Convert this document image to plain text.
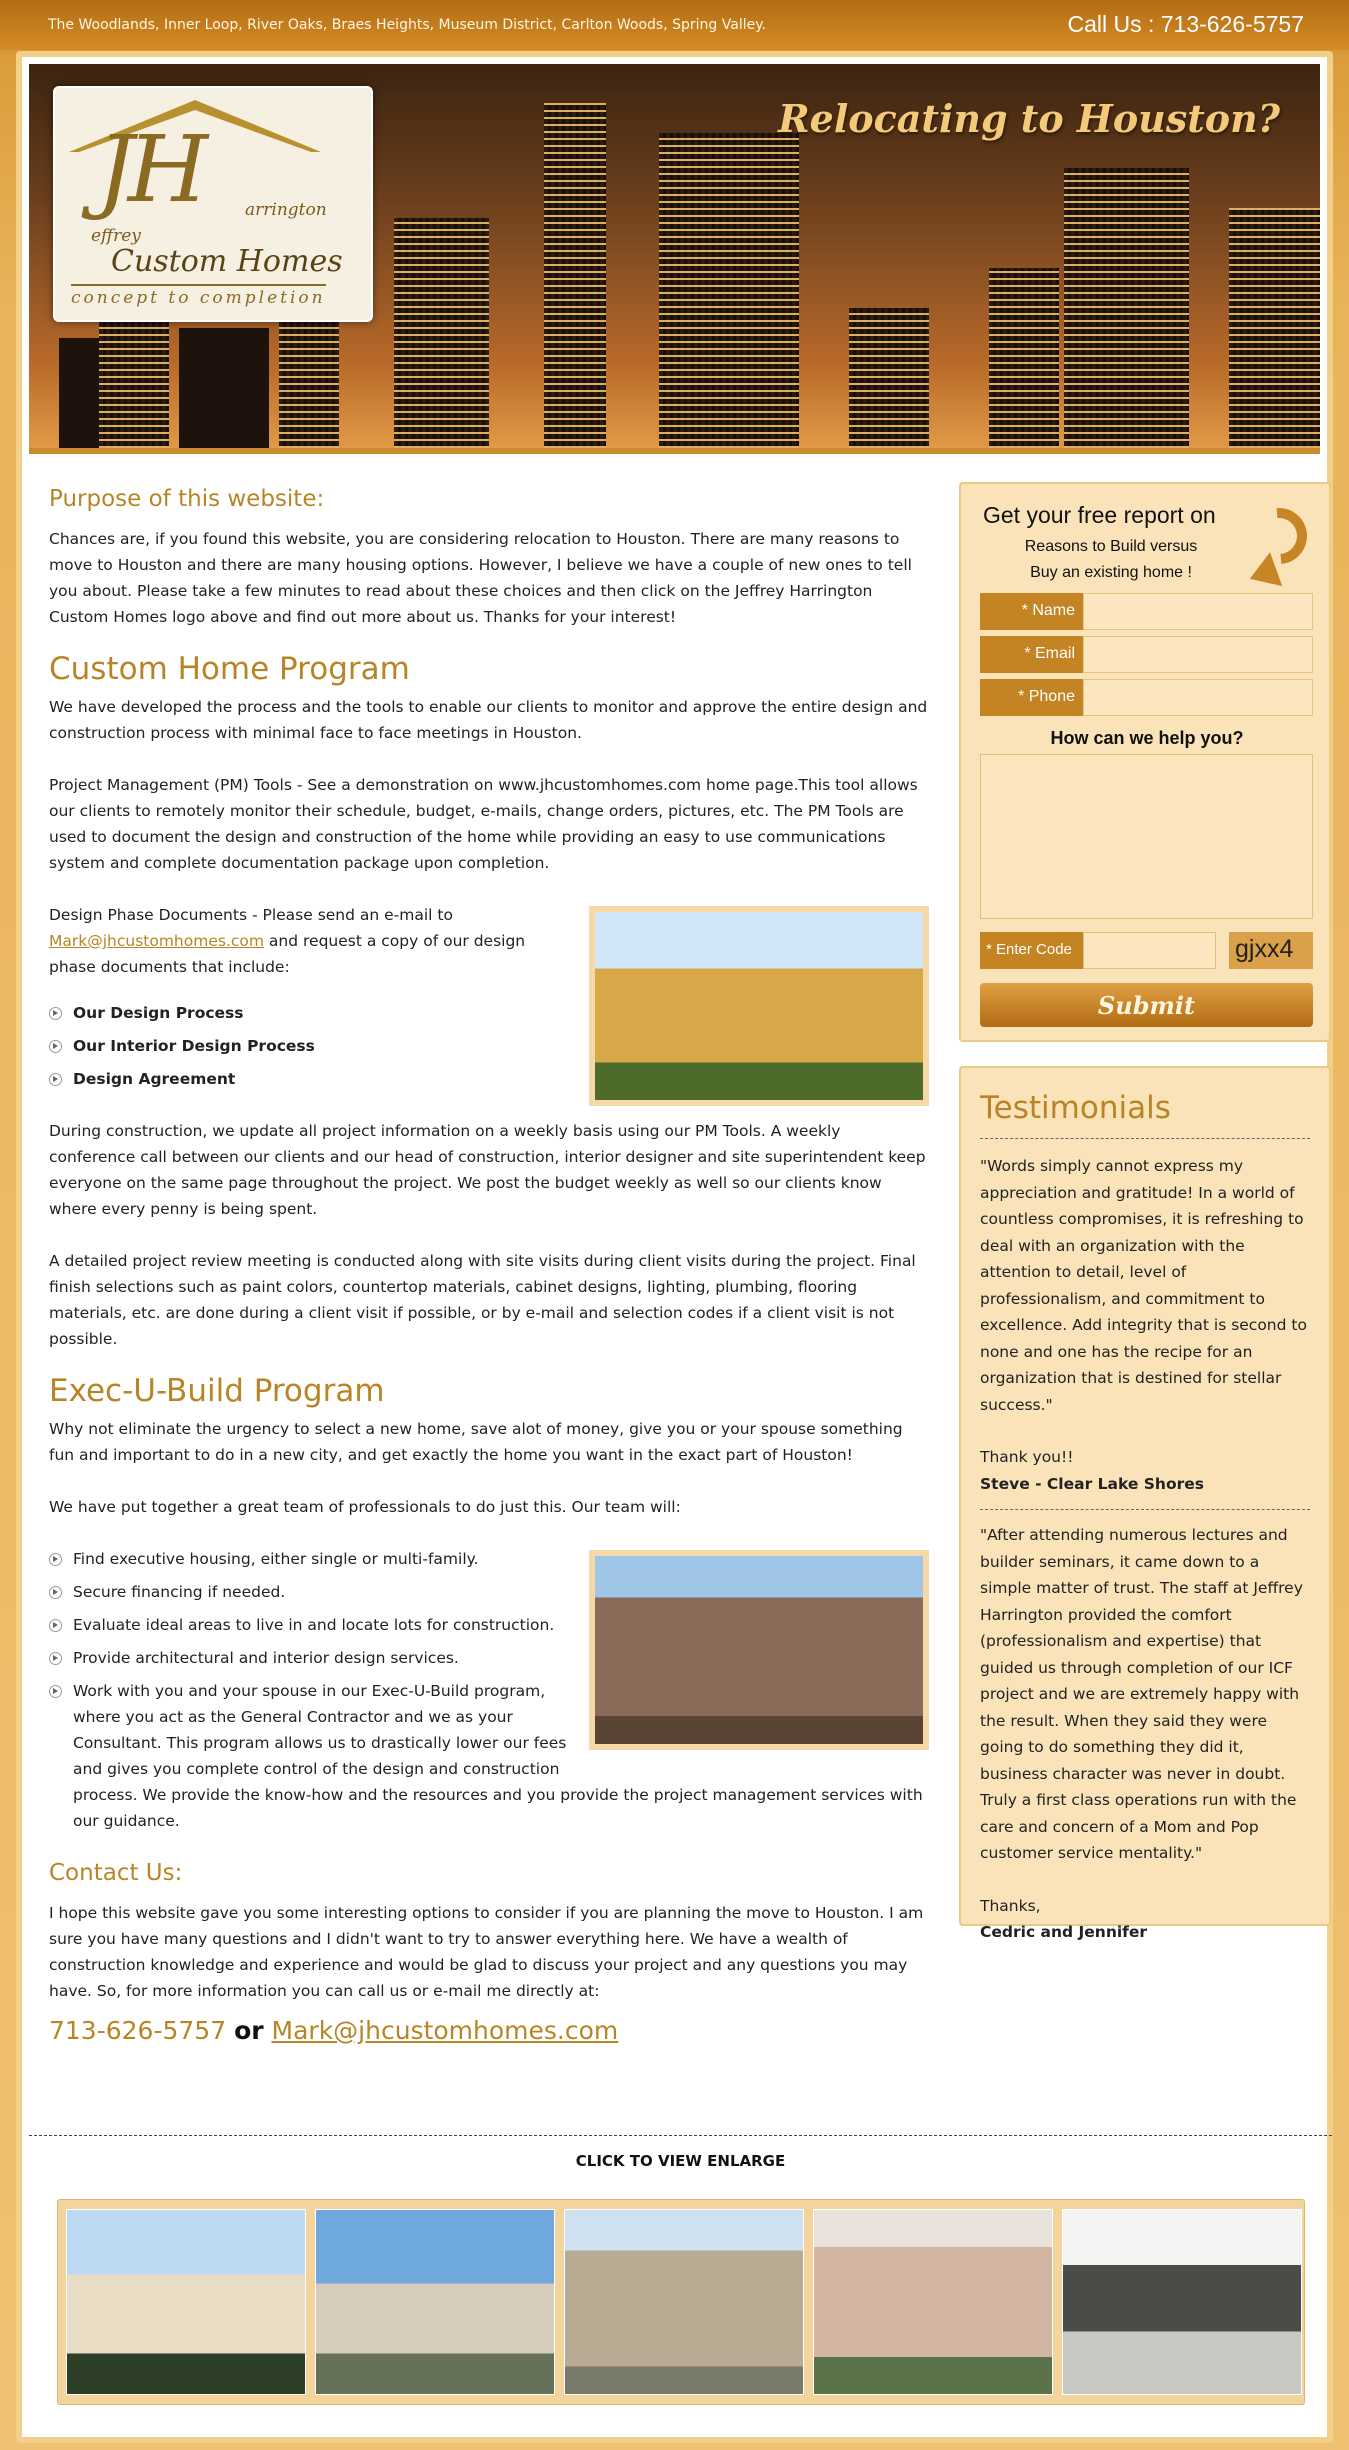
The Woodlands, Inner Loop, River Oaks, Braes Heights, Museum District, Carlton Woods, Spring Valley.	Call Us : 713-626-5757
Relocating to Houston?
JH	arrington
effrey
Custom Homes
concept to completion
Get your free report on
Reasons to Build versus
Buy an existing home !
* Name
* Email
* Phone
How can we help you?
* Enter Code	gjxx4
Submit
Testimonials

"Words simply cannot express my appreciation and gratitude! In a world of countless compromises, it is refreshing to deal with an organization with the attention to detail, level of professionalism, and commitment to excellence. Add integrity that is second to none and one has the recipe for an organization that is destined for stellar success."

Thank you!!

Steve - Clear Lake Shores

"After attending numerous lectures and builder seminars, it came down to a simple matter of trust. The staff at Jeffrey Harrington provided the comfort (professionalism and expertise) that guided us through completion of our ICF project and we are extremely happy with the result. When they said they were going to do something they did it, business character was never in doubt. Truly a first class operations run with the care and concern of a Mom and Pop customer service mentality."

Thanks,

Cedric and Jennifer
CLICK TO VIEW ENLARGE
Purpose of this website:

Chances are, if you found this website, you are considering relocation to Houston. There are many reasons to move to Houston and there are many housing options. However, I believe we have a couple of new ones to tell you about. Please take a few minutes to read about these choices and then click on the Jeffrey Harrington Custom Homes logo above and find out more about us. Thanks for your interest!

Custom Home Program

We have developed the process and the tools to enable our clients to monitor and approve the entire design and construction process with minimal face to face meetings in Houston.

Project Management (PM) Tools - See a demonstration on www.jhcustomhomes.com home page.This tool allows our clients to remotely monitor their schedule, budget, e-mails, change orders, pictures, etc. The PM Tools are used to document the design and construction of the home while providing an easy to use communications system and complete documentation package upon completion.

Design Phase Documents - Please send an e-mail to
Mark@jhcustomhomes.com and request a copy of our design phase documents that include:

Our Design Process
Our Interior Design Process
Design Agreement

During construction, we update all project information on a weekly basis using our PM Tools. A weekly conference call between our clients and our head of construction, interior designer and site superintendent keep everyone on the same page throughout the project. We post the budget weekly as well so our clients know where every penny is being spent.

A detailed project review meeting is conducted along with site visits during client visits during the project. Final finish selections such as paint colors, countertop materials, cabinet designs, lighting, plumbing, flooring materials, etc. are done during a client visit if possible, or by e-mail and selection codes if a client visit is not possible.

Exec-U-Build Program

Why not eliminate the urgency to select a new home, save alot of money, give you or your spouse something fun and important to do in a new city, and get exactly the home you want in the exact part of Houston!

We have put together a great team of professionals to do just this. Our team will:

Find executive housing, either single or multi-family.
Secure financing if needed.
Evaluate ideal areas to live in and locate lots for construction.
Provide architectural and interior design services.
Work with you and your spouse in our Exec-U-Build program, where you act as the General Contractor and we as your Consultant. This program allows us to drastically lower our fees and gives you complete control of the design and construction process. We provide the know-how and the resources and you provide the project management services with our guidance.
Contact Us:

I hope this website gave you some interesting options to consider if you are planning the move to Houston. I am sure you have many questions and I didn't want to try to answer everything here. We have a wealth of construction knowledge and experience and would be glad to discuss your project and any questions you may have. So, for more information you can call us or e-mail me directly at:

713-626-5757 or Mark@jhcustomhomes.com
